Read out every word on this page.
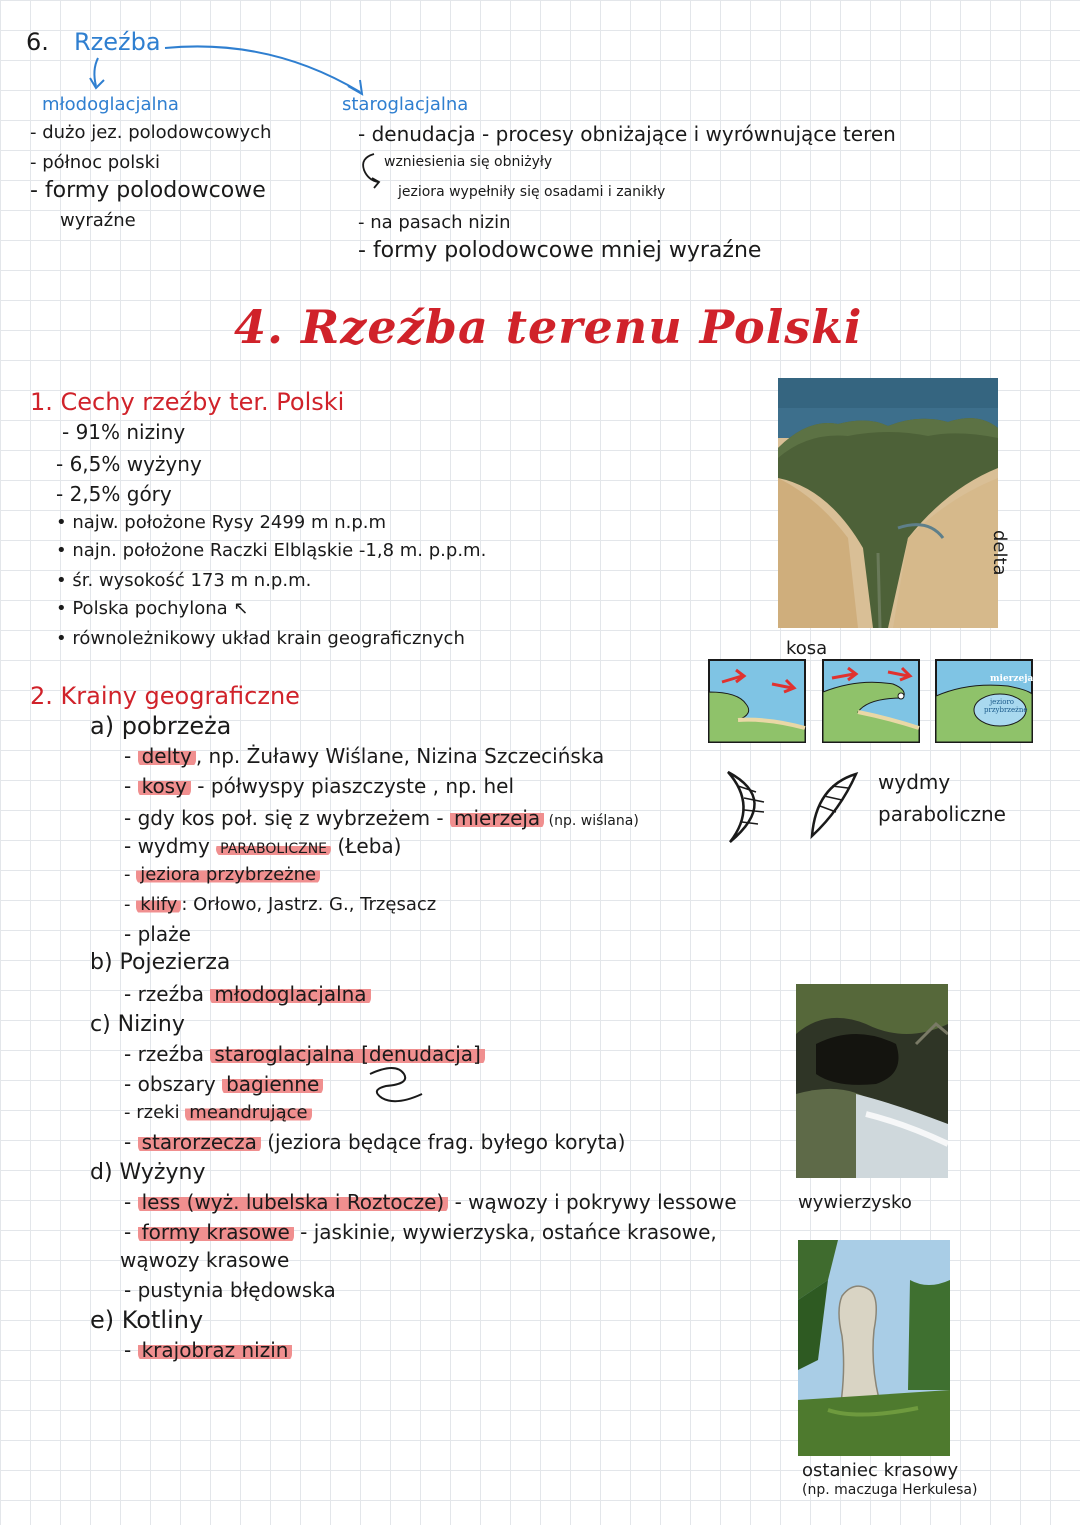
6. Rzeźba
młodoglacjalna
- dużo jez. polodowcowych
- północ polski
- formy polodowcowe
wyraźne
staroglacjalna
- denudacja - procesy obniżające i wyrównujące teren
wzniesienia się obniżyły
jeziora wypełniły się osadami i zanikły
- na pasach nizin
- formy polodowcowe mniej wyraźne
4. Rzeźba terenu Polski
1. Cechy rzeźby ter. Polski
- 91% niziny
- 6,5% wyżyny
- 2,5% góry
• najw. położone Rysy 2499 m n.p.m
• najn. położone Raczki Elbląskie -1,8 m. p.p.m.
• śr. wysokość 173 m n.p.m.
• Polska pochylona ↖
• równoleżnikowy układ krain geograficznych
2. Krainy geograficzne
a) pobrzeża
- delty , np. Żuławy Wiślane, Nizina Szczecińska
- kosy - półwyspy piaszczyste , np. hel
- gdy kos poł. się z wybrzeżem - mierzeja (np. wiślana)
- wydmy PARABOLICZNE (Łeba)
- jeziora przybrzeżne
- klify : Orłowo, Jastrz. G., Trzęsacz
- plaże
b) Pojezierza
- rzeźba młodoglacjalna
c) Niziny
- rzeźba staroglacjalna [denudacja]
- obszary bagienne
- rzeki meandrujące
- starorzecza (jeziora będące frag. byłego koryta)
d) Wyżyny
- less (wyż. lubelska i Roztocze) - wąwozy i pokrywy lessowe
- formy krasowe - jaskinie, wywierzyska, ostańce krasowe,
wąwozy krasowe
- pustynia błędowska
e) Kotliny
- krajobraz nizin
delta
kosa
mierzeja
jezioro
przybrzeżne
wydmy
paraboliczne
wywierzysko
ostaniec krasowy
(np. maczuga Herkulesa)
